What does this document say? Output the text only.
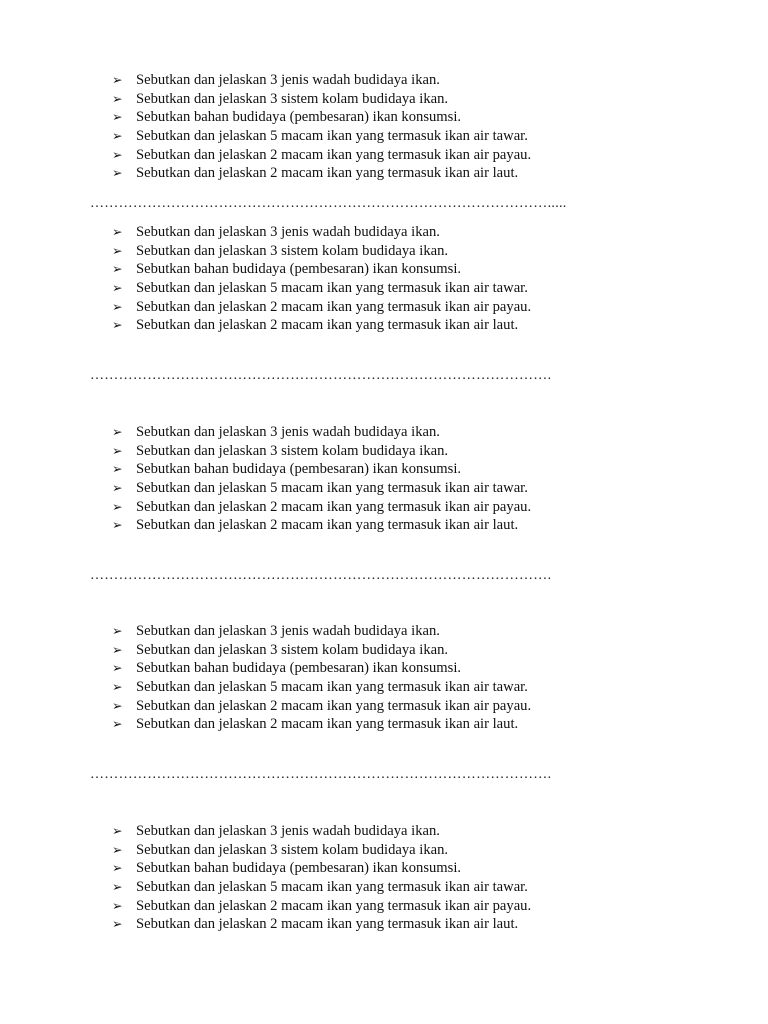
➢ Sebutkan dan jelaskan 3 jenis wadah budidaya ikan.
➢ Sebutkan dan jelaskan 3 sistem kolam budidaya ikan.
➢ Sebutkan bahan budidaya (pembesaran) ikan konsumsi.
➢ Sebutkan dan jelaskan 5 macam ikan yang termasuk ikan air tawar.
➢ Sebutkan dan jelaskan 2 macam ikan yang termasuk ikan air payau.
➢ Sebutkan dan jelaskan 2 macam ikan yang termasuk ikan air laut.
…………………………………………………………………………………….....
➢ Sebutkan dan jelaskan 3 jenis wadah budidaya ikan.
➢ Sebutkan dan jelaskan 3 sistem kolam budidaya ikan.
➢ Sebutkan bahan budidaya (pembesaran) ikan konsumsi.
➢ Sebutkan dan jelaskan 5 macam ikan yang termasuk ikan air tawar.
➢ Sebutkan dan jelaskan 2 macam ikan yang termasuk ikan air payau.
➢ Sebutkan dan jelaskan 2 macam ikan yang termasuk ikan air laut.
…………………………………………………………………………………….
➢ Sebutkan dan jelaskan 3 jenis wadah budidaya ikan.
➢ Sebutkan dan jelaskan 3 sistem kolam budidaya ikan.
➢ Sebutkan bahan budidaya (pembesaran) ikan konsumsi.
➢ Sebutkan dan jelaskan 5 macam ikan yang termasuk ikan air tawar.
➢ Sebutkan dan jelaskan 2 macam ikan yang termasuk ikan air payau.
➢ Sebutkan dan jelaskan 2 macam ikan yang termasuk ikan air laut.
…………………………………………………………………………………….
➢ Sebutkan dan jelaskan 3 jenis wadah budidaya ikan.
➢ Sebutkan dan jelaskan 3 sistem kolam budidaya ikan.
➢ Sebutkan bahan budidaya (pembesaran) ikan konsumsi.
➢ Sebutkan dan jelaskan 5 macam ikan yang termasuk ikan air tawar.
➢ Sebutkan dan jelaskan 2 macam ikan yang termasuk ikan air payau.
➢ Sebutkan dan jelaskan 2 macam ikan yang termasuk ikan air laut.
…………………………………………………………………………………….
➢ Sebutkan dan jelaskan 3 jenis wadah budidaya ikan.
➢ Sebutkan dan jelaskan 3 sistem kolam budidaya ikan.
➢ Sebutkan bahan budidaya (pembesaran) ikan konsumsi.
➢ Sebutkan dan jelaskan 5 macam ikan yang termasuk ikan air tawar.
➢ Sebutkan dan jelaskan 2 macam ikan yang termasuk ikan air payau.
➢ Sebutkan dan jelaskan 2 macam ikan yang termasuk ikan air laut.
